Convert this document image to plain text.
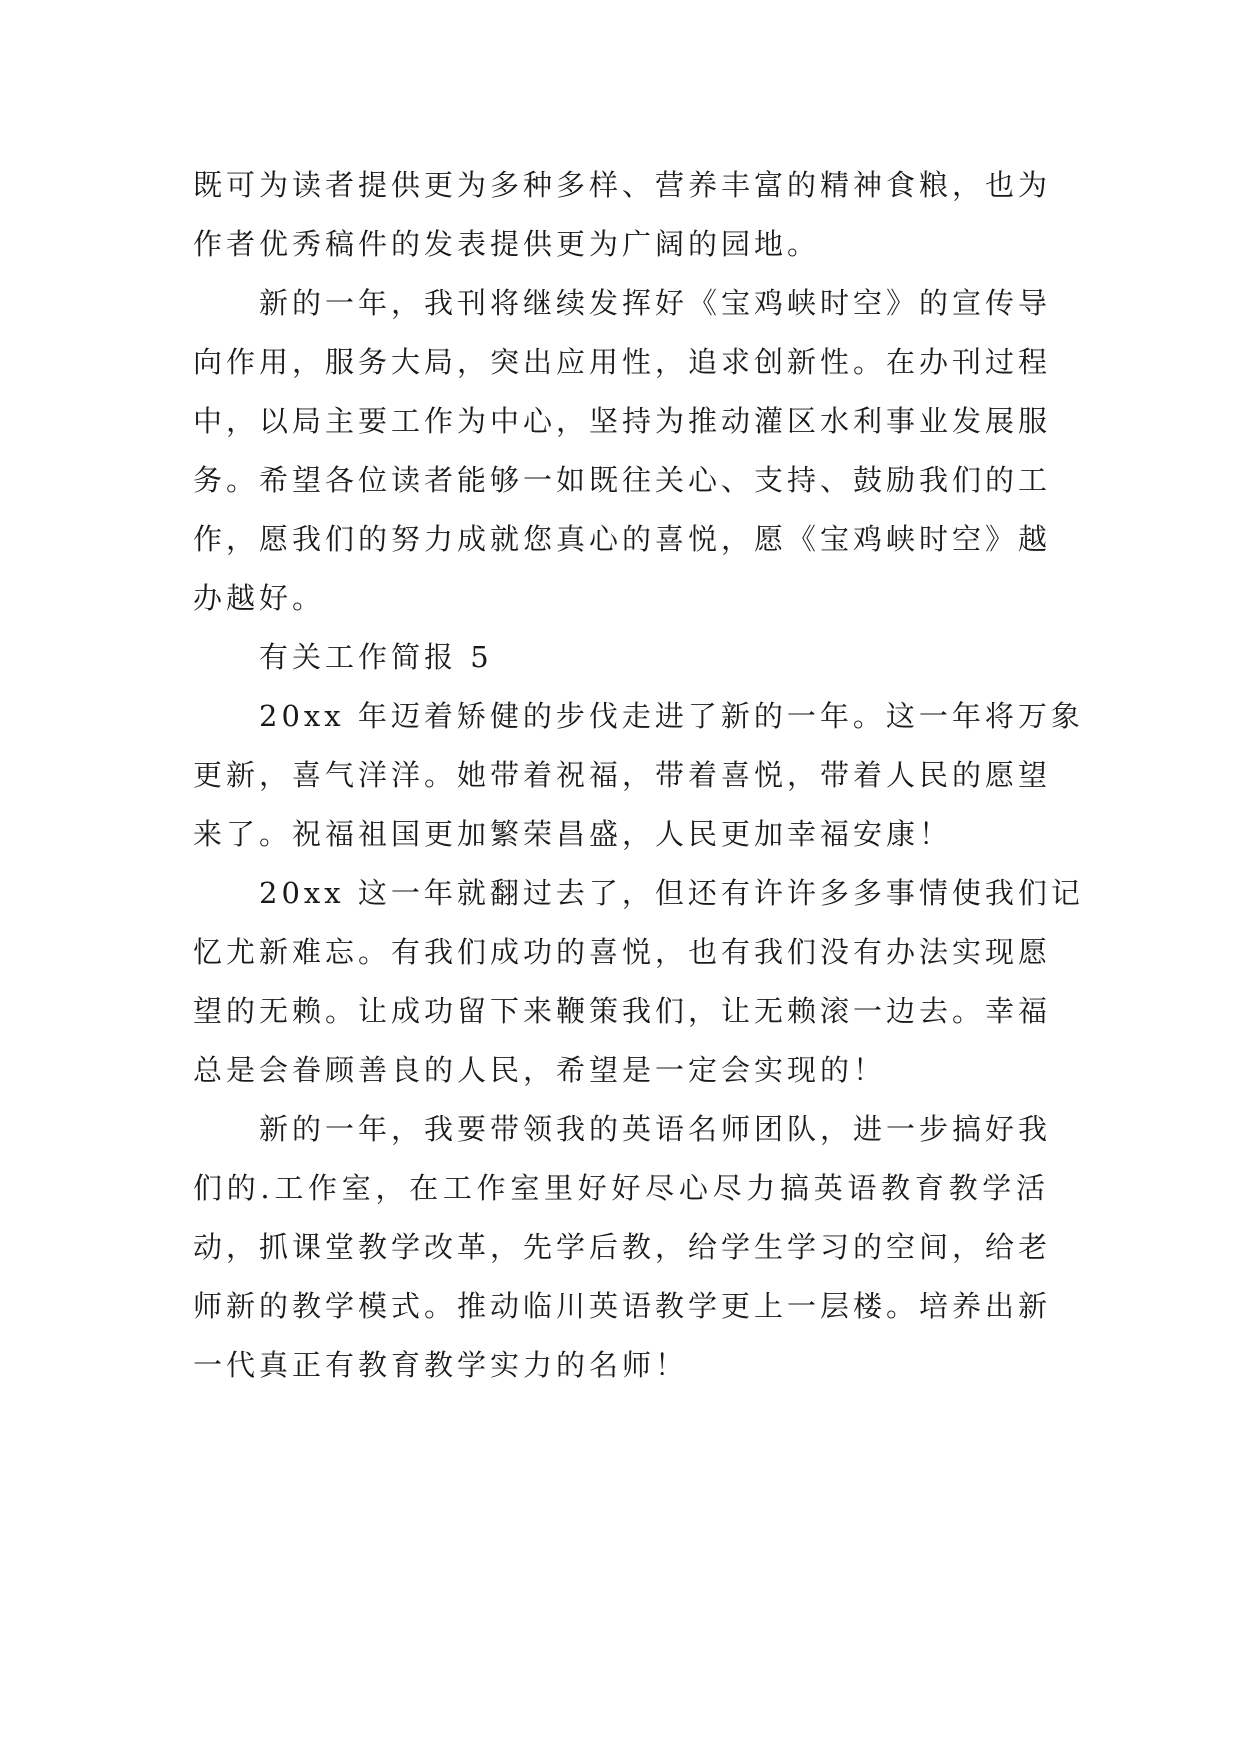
既可为读者提供更为多种多样、营养丰富的精神食粮，也为
作者优秀稿件的发表提供更为广阔的园地。
新的一年，我刊将继续发挥好《宝鸡峡时空》的宣传导
向作用，服务大局，突出应用性，追求创新性。在办刊过程
中，以局主要工作为中心，坚持为推动灌区水利事业发展服
务。希望各位读者能够一如既往关心、支持、鼓励我们的工
作，愿我们的努力成就您真心的喜悦，愿《宝鸡峡时空》越
办越好。
有关工作简报 5
20xx 年迈着矫健的步伐走进了新的一年。这一年将万象
更新，喜气洋洋。她带着祝福，带着喜悦，带着人民的愿望
来了。祝福祖国更加繁荣昌盛，人民更加幸福安康！
20xx 这一年就翻过去了，但还有许许多多事情使我们记
忆尤新难忘。有我们成功的喜悦，也有我们没有办法实现愿
望的无赖。让成功留下来鞭策我们，让无赖滚一边去。幸福
总是会眷顾善良的人民，希望是一定会实现的！
新的一年，我要带领我的英语名师团队，进一步搞好我
们的.工作室，在工作室里好好尽心尽力搞英语教育教学活
动，抓课堂教学改革，先学后教，给学生学习的空间，给老
师新的教学模式。推动临川英语教学更上一层楼。培养出新
一代真正有教育教学实力的名师！
